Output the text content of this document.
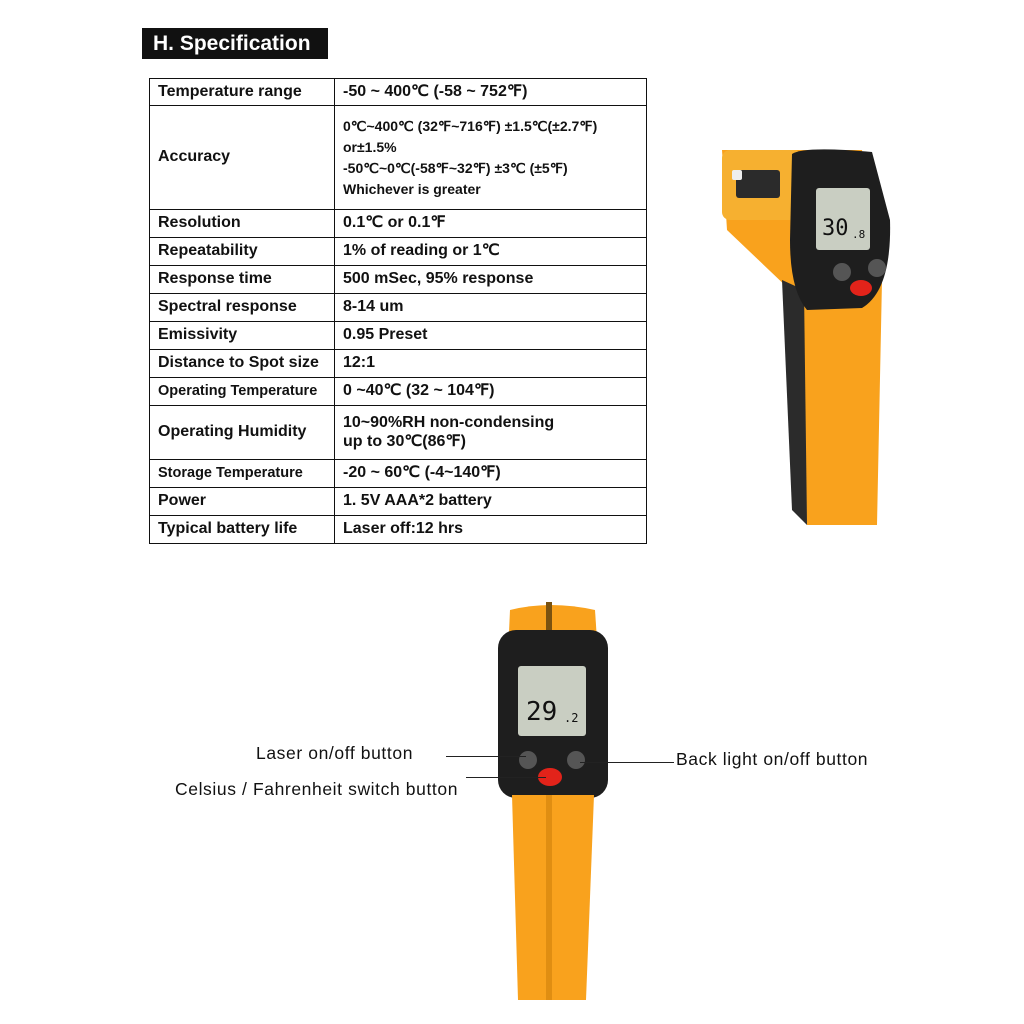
H. Specification
Temperature range	-50 ~ 400℃ (-58 ~ 752℉)

Accuracy	0℃~400℃ (32℉~716℉) ±1.5℃(±2.7℉)
or±1.5%
-50℃~0℃(-58℉~32℉) ±3℃ (±5℉)
Whichever is greater

Resolution	0.1℃ or 0.1℉

Repeatability	1% of reading or 1℃

Response time	500 mSec, 95% response

Spectral response	8-14 um

Emissivity	0.95 Preset

Distance to Spot size	12:1

Operating Temperature	0 ~40℃ (32 ~ 104℉)

Operating Humidity	10~90%RH non-condensing
up to 30℃(86℉)

Storage Temperature	-20 ~ 60℃ (-4~140℉)

Power	1. 5V AAA*2 battery

Typical battery life	Laser off:12 hrs
30 .8
29 .2
Laser on/off button
Celsius / Fahrenheit switch button
Back light on/off button
